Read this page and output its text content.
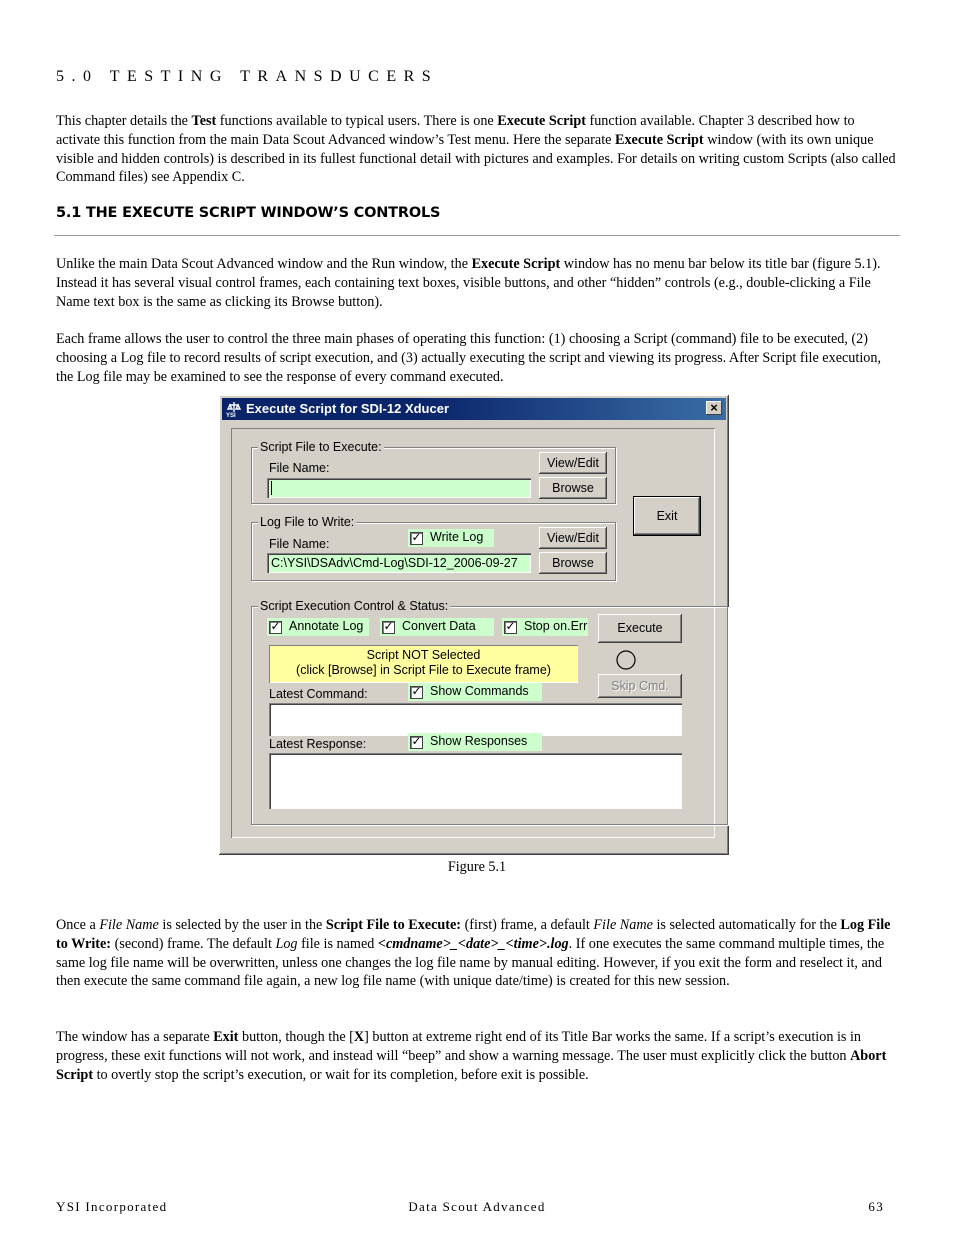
5.0 TESTING TRANSDUCERS
This chapter details the Test functions available to typical users. There is one Execute Script function available. Chapter 3 described how to activate this function from the main Data Scout Advanced window’s Test menu. Here the separate Execute Script window (with its own unique visible and hidden controls) is described in its fullest functional detail with pictures and examples. For details on writing custom Scripts (also called Command files) see Appendix C.
5.1 THE EXECUTE SCRIPT WINDOW’S CONTROLS
Unlike the main Data Scout Advanced window and the Run window, the Execute Script window has no menu bar below its title bar (figure 5.1). Instead it has several visual control frames, each containing text boxes, visible buttons, and other “hidden” controls (e.g., double-clicking a File Name text box is the same as clicking its Browse button).
Each frame allows the user to control the three main phases of operating this function: (1) choosing a Script (command) file to be executed, (2) choosing a Log file to record results of script execution, and (3) actually executing the script and viewing its progress. After Script file execution, the Log file may be examined to see the response of every command executed.
YSI Execute Script for SDI-12 Xducer	×
Script File to Execute:
File Name:	View/Edit
Browse
Exit
Log File to Write:
File Name:	✓ Write Log
C:\YSI\DSAdv\Cmd-Log\SDI-12_2006-09-27
View/Edit
Browse
Script Execution Control & Status:
✓ Annotate Log ✓ Convert Data ✓ Stop on.Err	Execute
Script NOT Selected
(click [Browse] in Script File to Execute frame)
Skip Cmd.
Latest Command:	✓ Show Commands
Latest Response:	✓ Show Responses
Figure 5.1
Once a File Name is selected by the user in the Script File to Execute: (first) frame, a default File Name is selected automatically for the Log File to Write: (second) frame. The default Log file is named <cmdname>_<date>_<time>.log. If one executes the same command multiple times, the same log file name will be overwritten, unless one changes the log file name by manual editing. However, if you exit the form and reselect it, and then execute the same command file again, a new log file name (with unique date/time) is created for this new session.
The window has a separate Exit button, though the [X] button at extreme right end of its Title Bar works the same. If a script’s execution is in progress, these exit functions will not work, and instead will “beep” and show a warning message. The user must explicitly click the button Abort Script to overtly stop the script’s execution, or wait for its completion, before exit is possible.
YSI Incorporated	Data Scout Advanced	63
